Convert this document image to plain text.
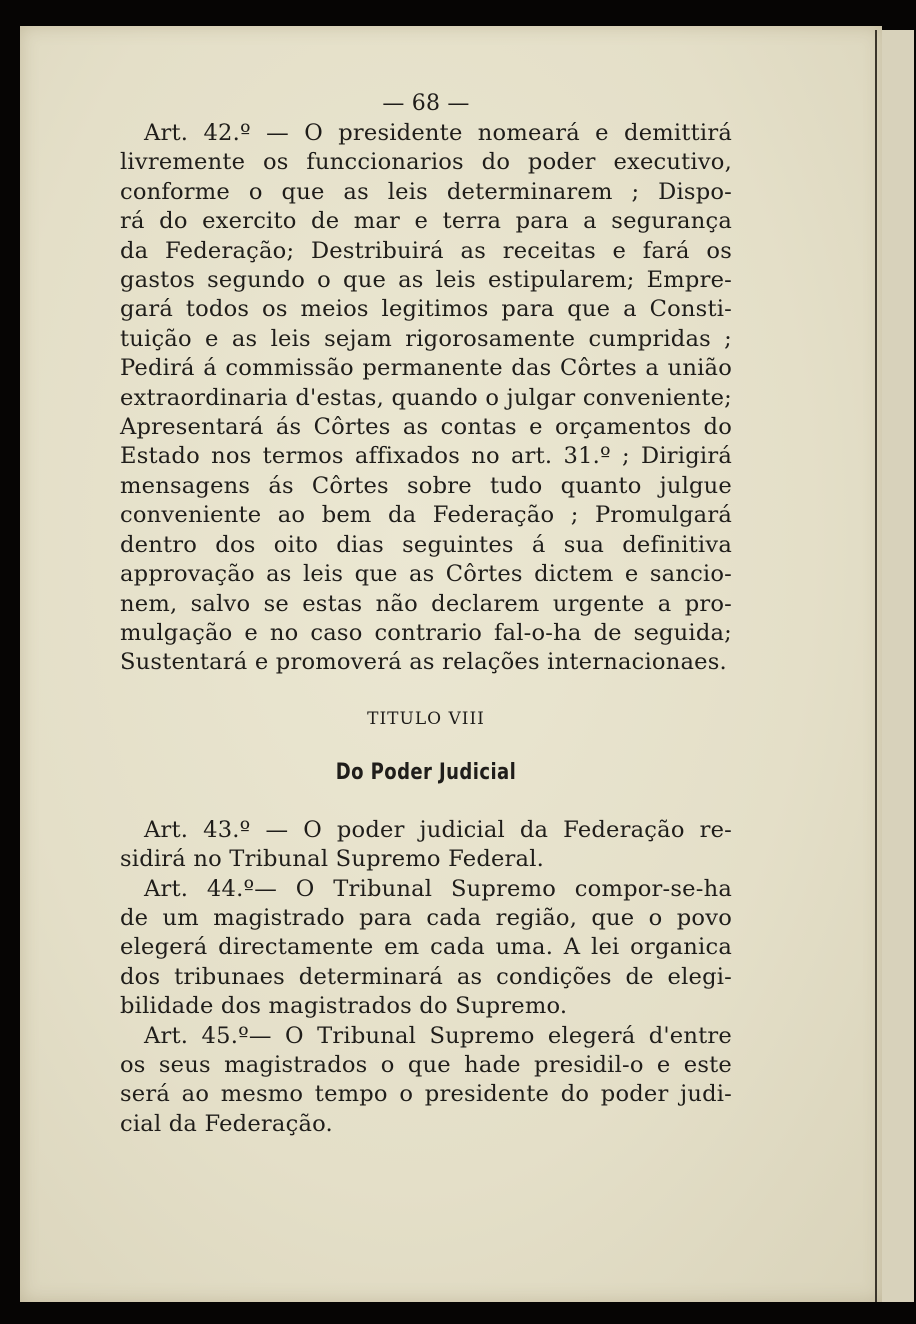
— 68 —
Art. 42.º — O presidente nomeará e demittirá
livremente os funccionarios do poder executivo,
conforme o que as leis determinarem ; Dispo-
rá do exercito de mar e terra para a segurança
da Federação; Destribuirá as receitas e fará os
gastos segundo o que as leis estipularem; Empre-
gará todos os meios legitimos para que a Consti-
tuição e as leis sejam rigorosamente cumpridas ;
Pedirá á commissão permanente das Côrtes a união
extraordinaria d'estas, quando o julgar conveniente;
Apresentará ás Côrtes as contas e orçamentos do
Estado nos termos affixados no art. 31.º ; Dirigirá
mensagens ás Côrtes sobre tudo quanto julgue
conveniente ao bem da Federação ; Promulgará
dentro dos oito dias seguintes á sua definitiva
approvação as leis que as Côrtes dictem e sancio-
nem, salvo se estas não declarem urgente a pro-
mulgação e no caso contrario fal-o-ha de seguida;
Sustentará e promoverá as relações internacionaes.
TITULO VIII
Do Poder Judicial
Art. 43.º — O poder judicial da Federação re-
sidirá no Tribunal Supremo Federal.
Art. 44.º— O Tribunal Supremo compor-se-ha
de um magistrado para cada região, que o povo
elegerá directamente em cada uma. A lei organica
dos tribunaes determinará as condições de elegi-
bilidade dos magistrados do Supremo.
Art. 45.º— O Tribunal Supremo elegerá d'entre
os seus magistrados o que hade presidil-o e este
será ao mesmo tempo o presidente do poder judi-
cial da Federação.
